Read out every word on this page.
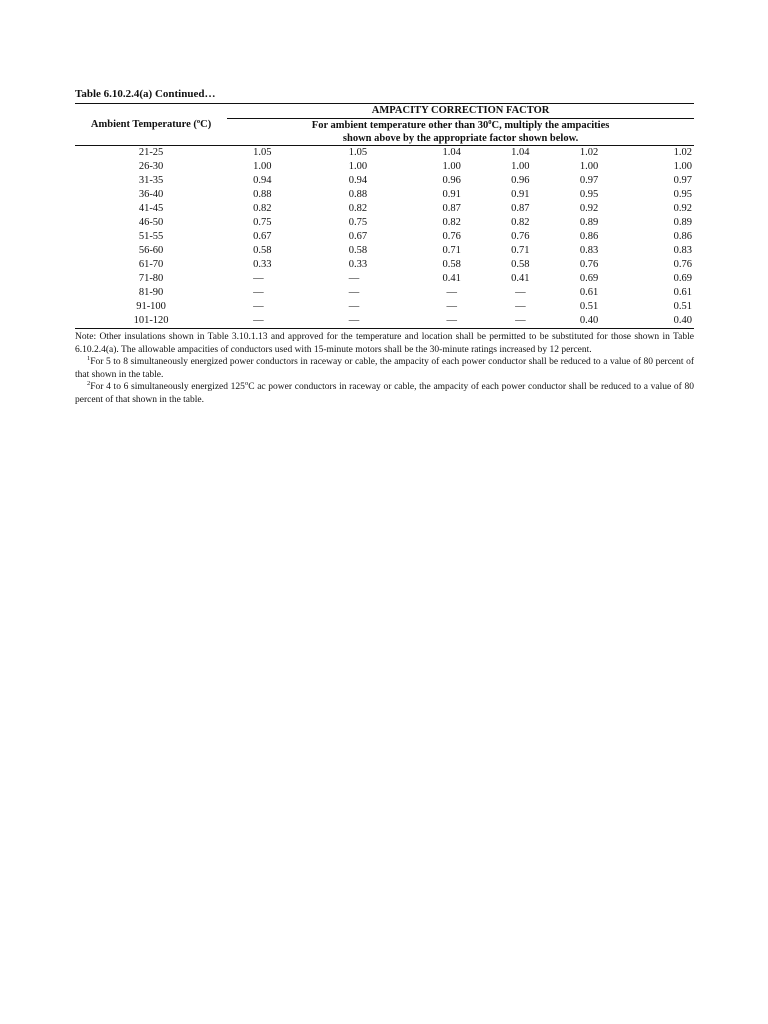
Table 6.10.2.4(a) Continued…
Ambient Temperature ($^o$C)	AMPACITY CORRECTION FACTOR					
	For ambient temperature other than $30^0C$, multiply the ampacities					
	shown above by the appropriate factor shown below.					
21-25	1.05	1.05	1.04	1.04	1.02	1.02
26-30	1.00	1.00	1.00	1.00	1.00	1.00
31-35	0.94	0.94	0.96	0.96	0.97	0.97
36-40	0.88	0.88	0.91	0.91	0.95	0.95
41-45	0.82	0.82	0.87	0.87	0.92	0.92
46-50	0.75	0.75	0.82	0.82	0.89	0.89
51-55	0.67	0.67	0.76	0.76	0.86	0.86
56-60	0.58	0.58	0.71	0.71	0.83	0.83
61-70	0.33	0.33	0.58	0.58	0.76	0.76
71-80	—	—	0.41	0.41	0.69	0.69
81-90	—	—	—	—	0.61	0.61
91-100	—	—	—	—	0.51	0.51
101-120	—	—	—	—	0.40	0.40

Note: Other insulations shown in Table 3.10.1.13 and approved for the temperature and location shall be permitted to be substituted for those shown in Table 6.10.2.4(a). The allowable ampacities of conductors used with 15-minute motors shall be the 30-minute ratings increased by 12 percent.

$^1$For 5 to 8 simultaneously energized power conductors in raceway or cable, the ampacity of each power conductor shall be reduced to a value of 80 percent of that shown in the table.

$^2$For 4 to 6 simultaneously energized 125$^o$C ac power conductors in raceway or cable, the ampacity of each power conductor shall be reduced to a value of 80 percent of that shown in the table.
